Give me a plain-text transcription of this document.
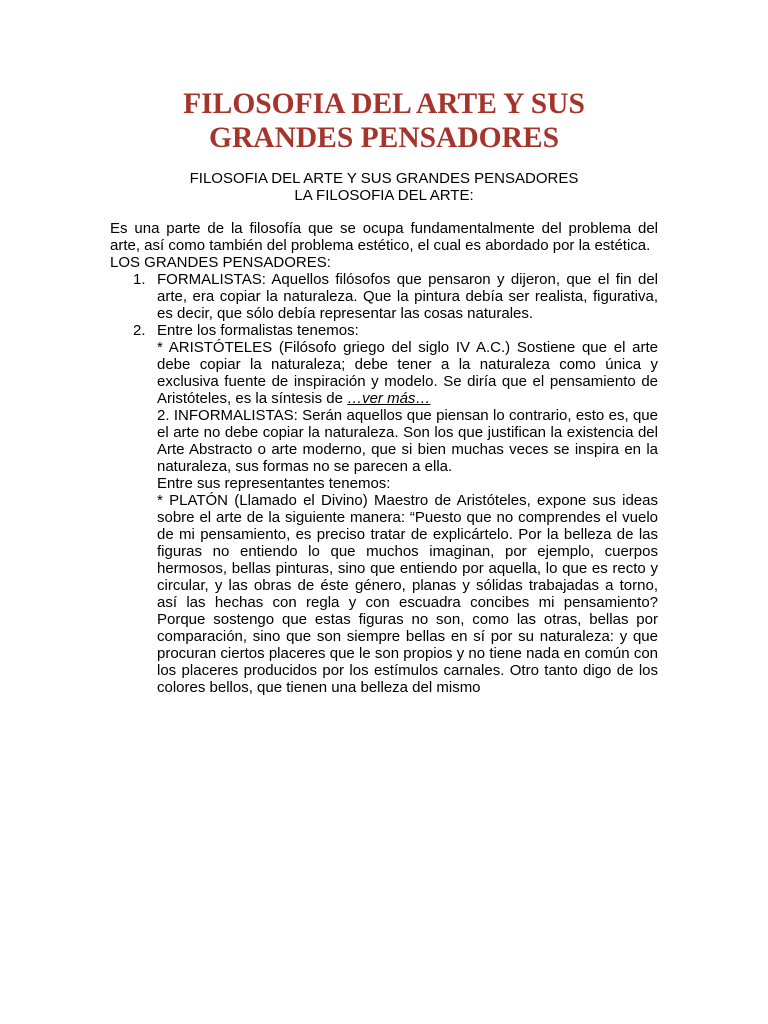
FILOSOFIA DEL ARTE Y SUS
GRANDES PENSADORES
FILOSOFIA DEL ARTE Y SUS GRANDES PENSADORES
LA FILOSOFIA DEL ARTE:

Es una parte de la filosofía que se ocupa fundamentalmente del problema del arte, así como también del problema estético, el cual es abordado por la estética.

LOS GRANDES PENSADORES:

1. FORMALISTAS: Aquellos filósofos que pensaron y dijeron, que el fin del arte, era copiar la naturaleza. Que la pintura debía ser realista, figurativa, es decir, que sólo debía representar las cosas naturales.

2. Entre los formalistas tenemos:

* ARISTÓTELES (Filósofo griego del siglo IV A.C.) Sostiene que el arte debe copiar la naturaleza; debe tener a la naturaleza como única y exclusiva fuente de inspiración y modelo. Se diría que el pensamiento de Aristóteles, es la síntesis de …ver más…

2. INFORMALISTAS: Serán aquellos que piensan lo contrario, esto es, que el arte no debe copiar la naturaleza. Son los que justifican la existencia del Arte Abstracto o arte moderno, que si bien muchas veces se inspira en la naturaleza, sus formas no se parecen a ella.

Entre sus representantes tenemos:

* PLATÓN (Llamado el Divino) Maestro de Aristóteles, expone sus ideas sobre el arte de la siguiente manera: “Puesto que no comprendes el vuelo de mi pensamiento, es preciso tratar de explicártelo. Por la belleza de las figuras no entiendo lo que muchos imaginan, por ejemplo, cuerpos hermosos, bellas pinturas, sino que entiendo por aquella, lo que es recto y circular, y las obras de éste género, planas y sólidas trabajadas a torno, así las hechas con regla y con escuadra concibes mi pensamiento? Porque sostengo que estas figuras no son, como las otras, bellas por comparación, sino que son siempre bellas en sí por su naturaleza: y que procuran ciertos placeres que le son propios y no tiene nada en común con los placeres producidos por los estímulos carnales. Otro tanto digo de los colores bellos, que tienen una belleza del mismo
